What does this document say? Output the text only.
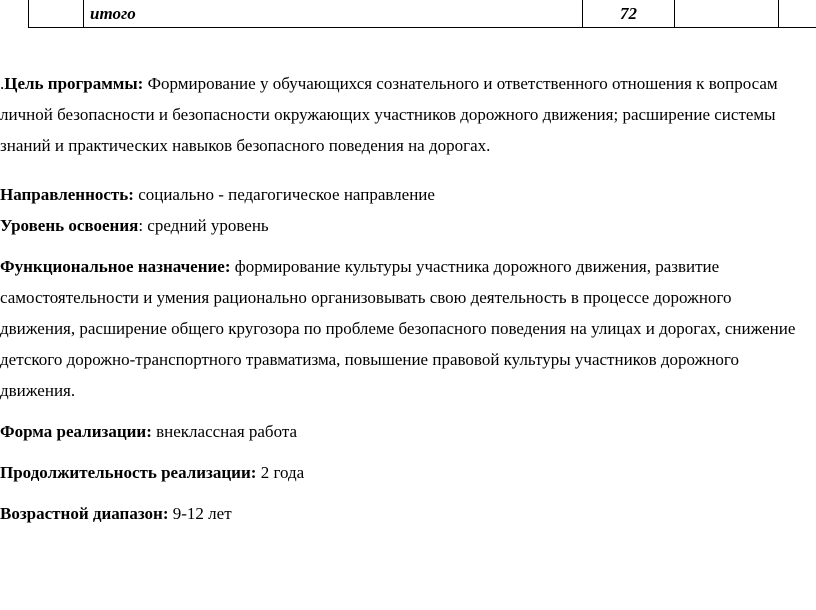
	итого	72		

.Цель программы: Формирование у обучающихся сознательного и ответственного отношения к вопросам личной безопасности и безопасности окружающих участников дорожного движения; расширение системы знаний и практических навыков безопасного поведения на дорогах.

Направленность: социально - педагогическое направление

Уровень освоения: средний уровень

Функциональное назначение: формирование культуры участника дорожного движения, развитие самостоятельности и умения рационально организовывать свою деятельность в процессе дорожного движения, расширение общего кругозора по проблеме безопасного поведения на улицах и дорогах, снижение детского дорожно-транспортного травматизма, повышение правовой культуры участников дорожного движения.

Форма реализации: внеклассная работа

Продолжительность реализации: 2 года

Возрастной диапазон: 9-12 лет
